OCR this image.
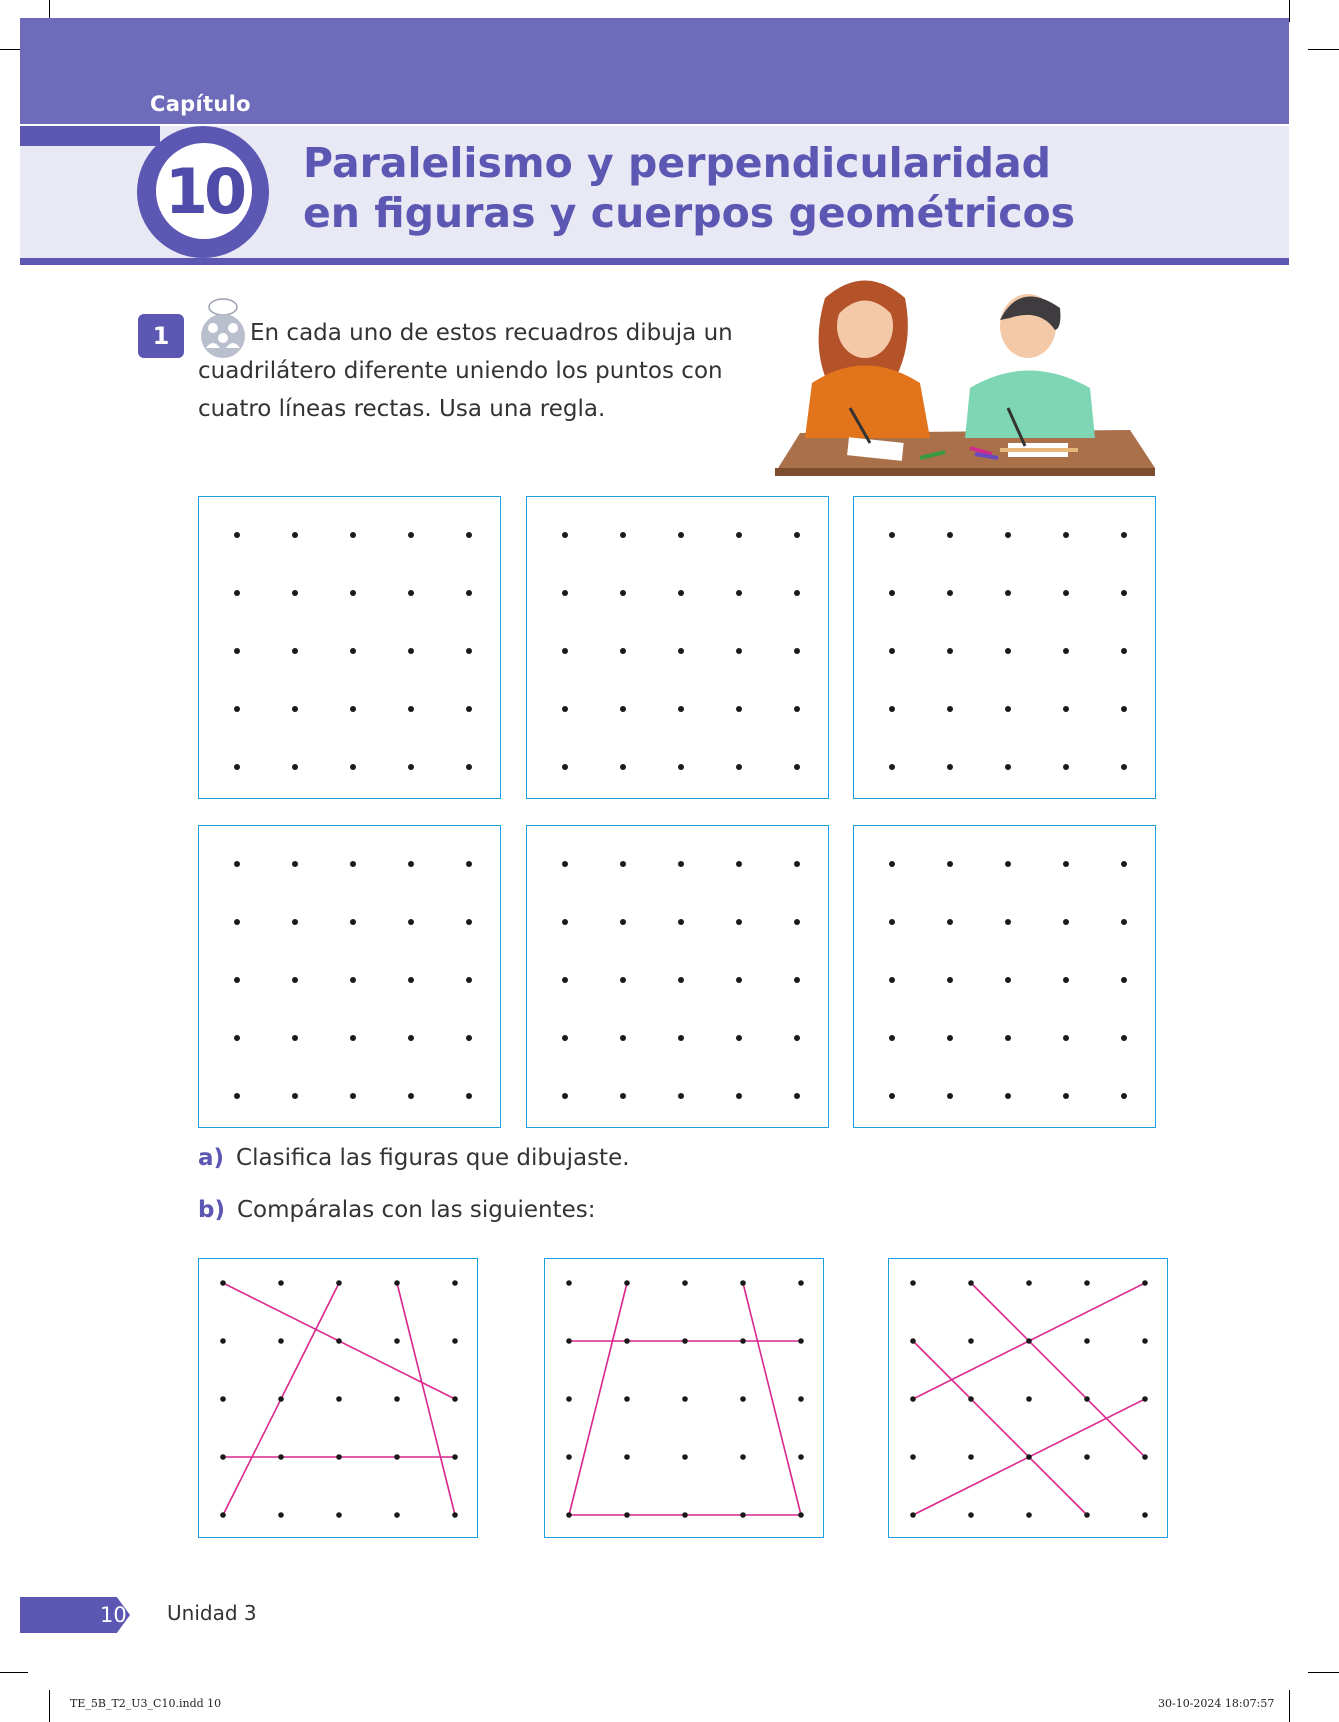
Capítulo
10 Paralelismo y perpendicularidad
en figuras y cuerpos geométricos
1	En cada uno de estos recuadros dibuja un cuadrilátero diferente uniendo los puntos con cuatro líneas rectas. Usa una regla.

a) Clasifica las figuras que dibujaste.
b) Compáralas con las siguientes:
10	Unidad 3
TE_5B_T2_U3_C10.indd 10	30-10-2024 18:07:57
